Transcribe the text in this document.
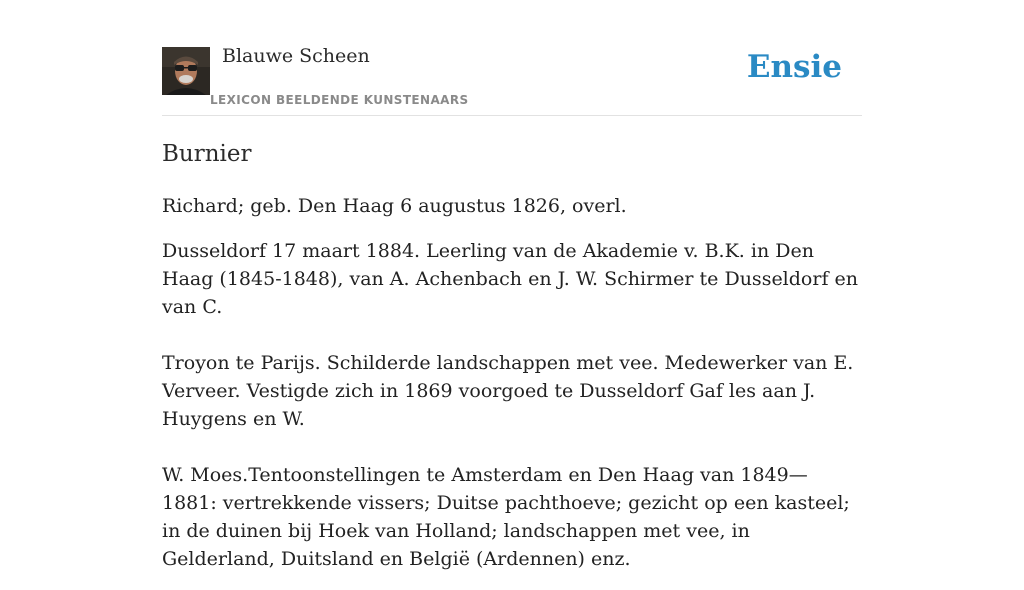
Blauwe Scheen
LEXICON BEELDENDE KUNSTENAARS
Ensie
Burnier

Richard; geb. Den Haag 6 augustus 1826, overl.

Dusseldorf 17 maart 1884. Leerling van de Akademie v. B.K. in Den Haag (1845-1848), van A. Achenbach en J. W. Schirmer te Dusseldorf en van C.

Troyon te Parijs. Schilderde landschappen met vee. Medewerker van E. Verveer. Vestigde zich in 1869 voorgoed te Dusseldorf Gaf les aan J. Huygens en W.

W. Moes.Tentoonstellingen te Amsterdam en Den Haag van 1849—1881: vertrekkende vissers; Duitse pachthoeve; gezicht op een kasteel; in de duinen bij Hoek van Holland; landschappen met vee, in Gelderland, Duitsland en België (Ardennen) enz.
